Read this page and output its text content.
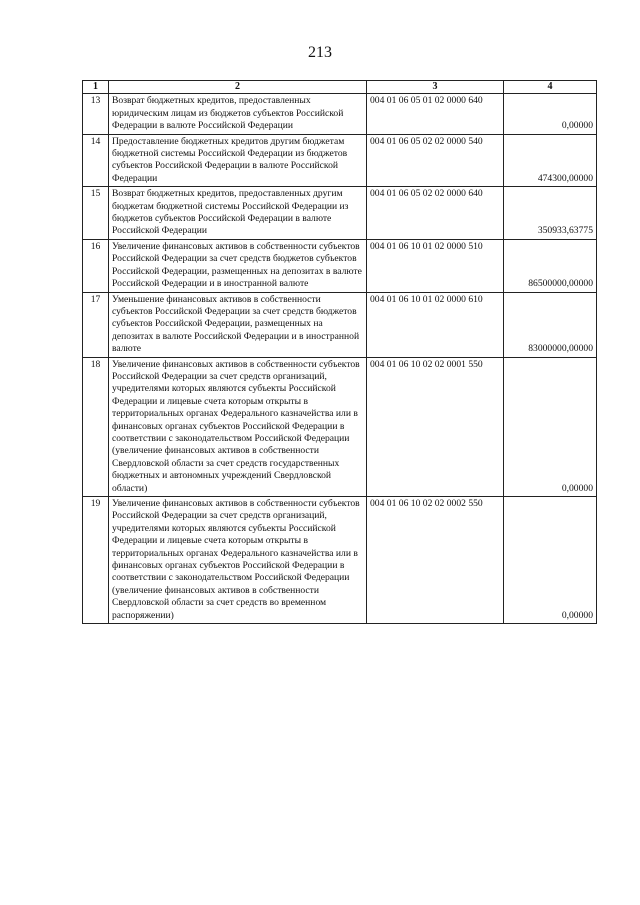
213
1	2	3	4
13	Возврат бюджетных кредитов, предоставленных юридическим лицам из бюджетов субъектов Российской Федерации в валюте Российской Федерации	004 01 06 05 01 02 0000 640	0,00000
14	Предоставление бюджетных кредитов другим бюджетам бюджетной системы Российской Федерации из бюджетов субъектов Российской Федерации в валюте Российской Федерации	004 01 06 05 02 02 0000 540	474300,00000
15	Возврат бюджетных кредитов, предоставленных другим бюджетам бюджетной системы Российской Федерации из бюджетов субъектов Российской Федерации в валюте Российской Федерации	004 01 06 05 02 02 0000 640	350933,63775
16	Увеличение финансовых активов в собственности субъектов Российской Федерации за счет средств бюджетов субъектов Российской Федерации, размещенных на депозитах в валюте Российской Федерации и в иностранной валюте	004 01 06 10 01 02 0000 510	86500000,00000
17	Уменьшение финансовых активов в собственности субъектов Российской Федерации за счет средств бюджетов субъектов Российской Федерации, размещенных на депозитах в валюте Российской Федерации и в иностранной валюте	004 01 06 10 01 02 0000 610	83000000,00000
18	Увеличение финансовых активов в собственности субъектов Российской Федерации за счет средств организаций, учредителями которых являются субъекты Российской Федерации и лицевые счета которым открыты в территориальных органах Федерального казначейства или в финансовых органах субъектов Российской Федерации в соответствии с законодательством Российской Федерации (увеличение финансовых активов в собственности Свердловской области за счет средств государственных бюджетных и автономных учреждений Свердловской области)	004 01 06 10 02 02 0001 550	0,00000
19	Увеличение финансовых активов в собственности субъектов Российской Федерации за счет средств организаций, учредителями которых являются субъекты Российской Федерации и лицевые счета которым открыты в территориальных органах Федерального казначейства или в финансовых органах субъектов Российской Федерации в соответствии с законодательством Российской Федерации (увеличение финансовых активов в собственности Свердловской области за счет средств во временном распоряжении)	004 01 06 10 02 02 0002 550	0,00000
